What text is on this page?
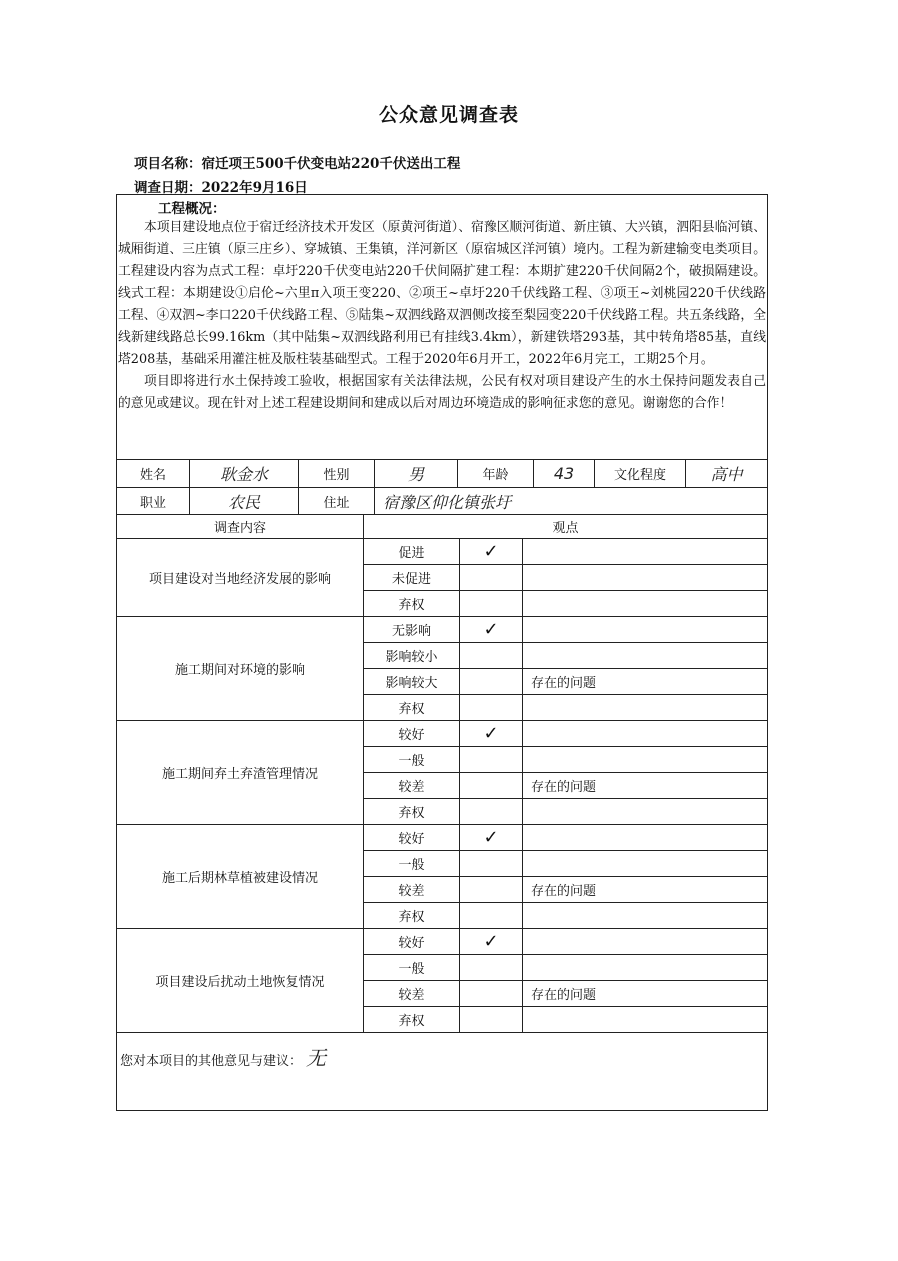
公众意见调查表
项目名称：宿迁项王500千伏变电站220千伏送出工程
调查日期：2022年9月16日
工程概况：

本项目建设地点位于宿迁经济技术开发区（原黄河街道）、宿豫区顺河街道、新庄镇、大兴镇，泗阳县临河镇、城厢街道、三庄镇（原三庄乡）、穿城镇、王集镇，洋河新区（原宿城区洋河镇）境内。工程为新建输变电类项目。工程建设内容为点式工程：卓圩220千伏变电站220千伏间隔扩建工程：本期扩建220千伏间隔2个，破损隔建设。线式工程：本期建设①启伦~六里π入项王变220、②项王~卓圩220千伏线路工程、③项王~刘桃园220千伏线路工程、④双泗~李口220千伏线路工程、⑤陆集~双泗线路双泗侧改接至梨园变220千伏线路工程。共五条线路，全线新建线路总长99.16km（其中陆集~双泗线路利用已有挂线3.4km），新建铁塔293基，其中转角塔85基，直线塔208基，基础采用灌注桩及版柱装基础型式。工程于2020年6月开工，2022年6月完工，工期25个月。

项目即将进行水土保持竣工验收，根据国家有关法律法规，公民有权对项目建设产生的水土保持问题发表自己的意见或建议。现在针对上述工程建设期间和建成以后对周边环境造成的影响征求您的意见。谢谢您的合作！

姓名	耿金水	性别	男	年龄	43	文化程度	高中
职业	农民	住址	宿豫区仰化镇张圩				
调查内容	观点		
项目建设对当地经济发展的影响	促进	✓	
	未促进		
	弃权		
施工期间对环境的影响	无影响	✓	
	影响较小		
	影响较大		存在的问题
	弃权		
施工期间弃土弃渣管理情况	较好	✓	
	一般		
	较差		存在的问题
	弃权		
施工后期林草植被建设情况	较好	✓	
	一般		
	较差		存在的问题
	弃权		
项目建设后扰动土地恢复情况	较好	✓	
	一般		
	较差		存在的问题
	弃权		
您对本项目的其他意见与建议： 无
